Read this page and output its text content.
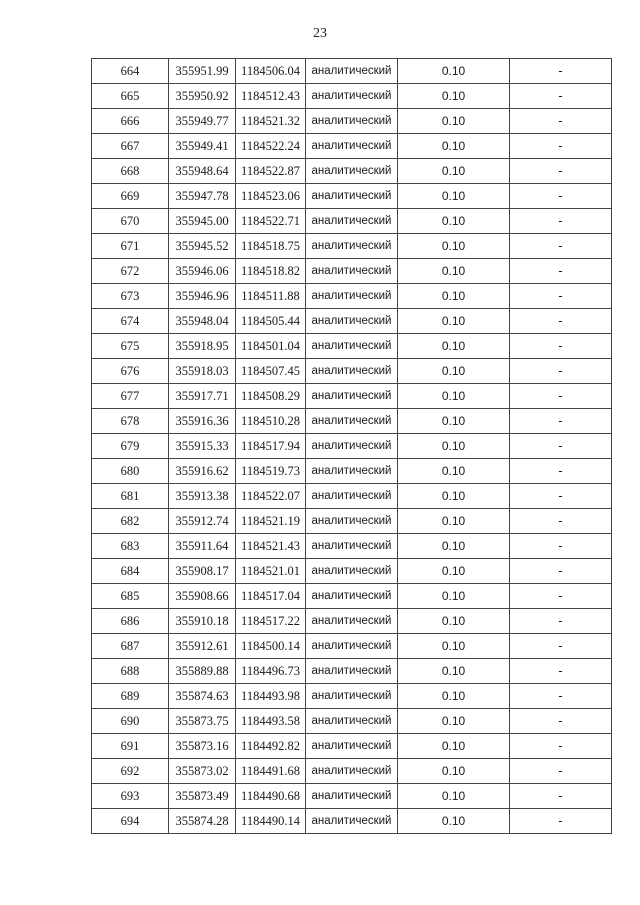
23
664	355951.99	1184506.04	аналитический	0.10	-
665	355950.92	1184512.43	аналитический	0.10	-
666	355949.77	1184521.32	аналитический	0.10	-
667	355949.41	1184522.24	аналитический	0.10	-
668	355948.64	1184522.87	аналитический	0.10	-
669	355947.78	1184523.06	аналитический	0.10	-
670	355945.00	1184522.71	аналитический	0.10	-
671	355945.52	1184518.75	аналитический	0.10	-
672	355946.06	1184518.82	аналитический	0.10	-
673	355946.96	1184511.88	аналитический	0.10	-
674	355948.04	1184505.44	аналитический	0.10	-
675	355918.95	1184501.04	аналитический	0.10	-
676	355918.03	1184507.45	аналитический	0.10	-
677	355917.71	1184508.29	аналитический	0.10	-
678	355916.36	1184510.28	аналитический	0.10	-
679	355915.33	1184517.94	аналитический	0.10	-
680	355916.62	1184519.73	аналитический	0.10	-
681	355913.38	1184522.07	аналитический	0.10	-
682	355912.74	1184521.19	аналитический	0.10	-
683	355911.64	1184521.43	аналитический	0.10	-
684	355908.17	1184521.01	аналитический	0.10	-
685	355908.66	1184517.04	аналитический	0.10	-
686	355910.18	1184517.22	аналитический	0.10	-
687	355912.61	1184500.14	аналитический	0.10	-
688	355889.88	1184496.73	аналитический	0.10	-
689	355874.63	1184493.98	аналитический	0.10	-
690	355873.75	1184493.58	аналитический	0.10	-
691	355873.16	1184492.82	аналитический	0.10	-
692	355873.02	1184491.68	аналитический	0.10	-
693	355873.49	1184490.68	аналитический	0.10	-
694	355874.28	1184490.14	аналитический	0.10	-
